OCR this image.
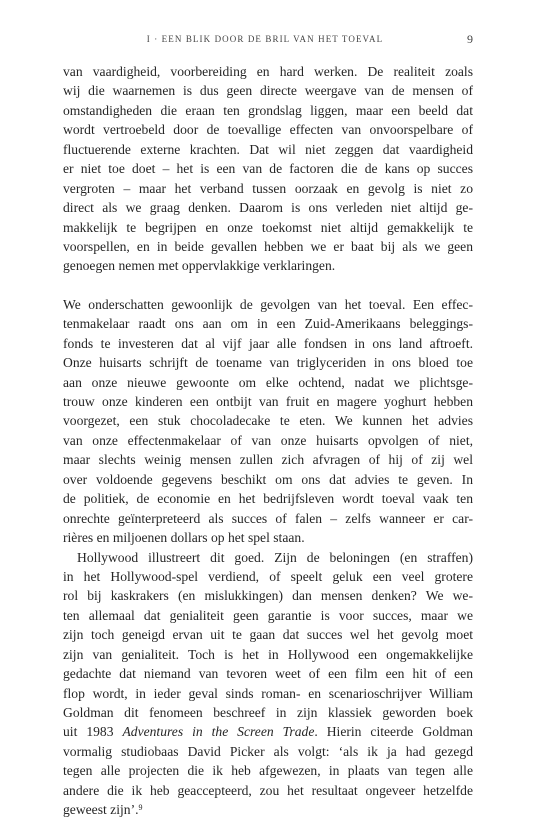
I · EEN BLIK DOOR DE BRIL VAN HET TOEVAL	9

van vaardigheid, voorbereiding en hard werken. De realiteit zoals
wij die waarnemen is dus geen directe weergave van de mensen of
omstandigheden die eraan ten grondslag liggen, maar een beeld dat
wordt vertroebeld door de toevallige effecten van onvoorspelbare of
fluctuerende externe krachten. Dat wil niet zeggen dat vaardigheid
er niet toe doet – het is een van de factoren die de kans op succes
vergroten – maar het verband tussen oorzaak en gevolg is niet zo
direct als we graag denken. Daarom is ons verleden niet altijd ge-
makkelijk te begrijpen en onze toekomst niet altijd gemakkelijk te
voorspellen, en in beide gevallen hebben we er baat bij als we geen
genoegen nemen met oppervlakkige verklaringen.

We onderschatten gewoonlijk de gevolgen van het toeval. Een effec-
tenmakelaar raadt ons aan om in een Zuid-Amerikaans beleggings-
fonds te investeren dat al vijf jaar alle fondsen in ons land aftroeft.
Onze huisarts schrijft de toename van triglyceriden in ons bloed toe
aan onze nieuwe gewoonte om elke ochtend, nadat we plichtsge-
trouw onze kinderen een ontbijt van fruit en magere yoghurt hebben
voorgezet, een stuk chocoladecake te eten. We kunnen het advies
van onze effectenmakelaar of van onze huisarts opvolgen of niet,
maar slechts weinig mensen zullen zich afvragen of hij of zij wel
over voldoende gegevens beschikt om ons dat advies te geven. In
de politiek, de economie en het bedrijfsleven wordt toeval vaak ten
onrechte geïnterpreteerd als succes of falen – zelfs wanneer er car-
rières en miljoenen dollars op het spel staan.

Hollywood illustreert dit goed. Zijn de beloningen (en straffen)
in het Hollywood-spel verdiend, of speelt geluk een veel grotere
rol bij kaskrakers (en mislukkingen) dan mensen denken? We we-
ten allemaal dat genialiteit geen garantie is voor succes, maar we
zijn toch geneigd ervan uit te gaan dat succes wel het gevolg moet
zijn van genialiteit. Toch is het in Hollywood een ongemakkelijke
gedachte dat niemand van tevoren weet of een film een hit of een
flop wordt, in ieder geval sinds roman- en scenarioschrijver William
Goldman dit fenomeen beschreef in zijn klassiek geworden boek
uit 1983 Adventures in the Screen Trade. Hierin citeerde Goldman
vormalig studiobaas David Picker als volgt: ‘als ik ja had gezegd
tegen alle projecten die ik heb afgewezen, in plaats van tegen alle
andere die ik heb geaccepteerd, zou het resultaat ongeveer hetzelfde
geweest zijn’.$^9$
